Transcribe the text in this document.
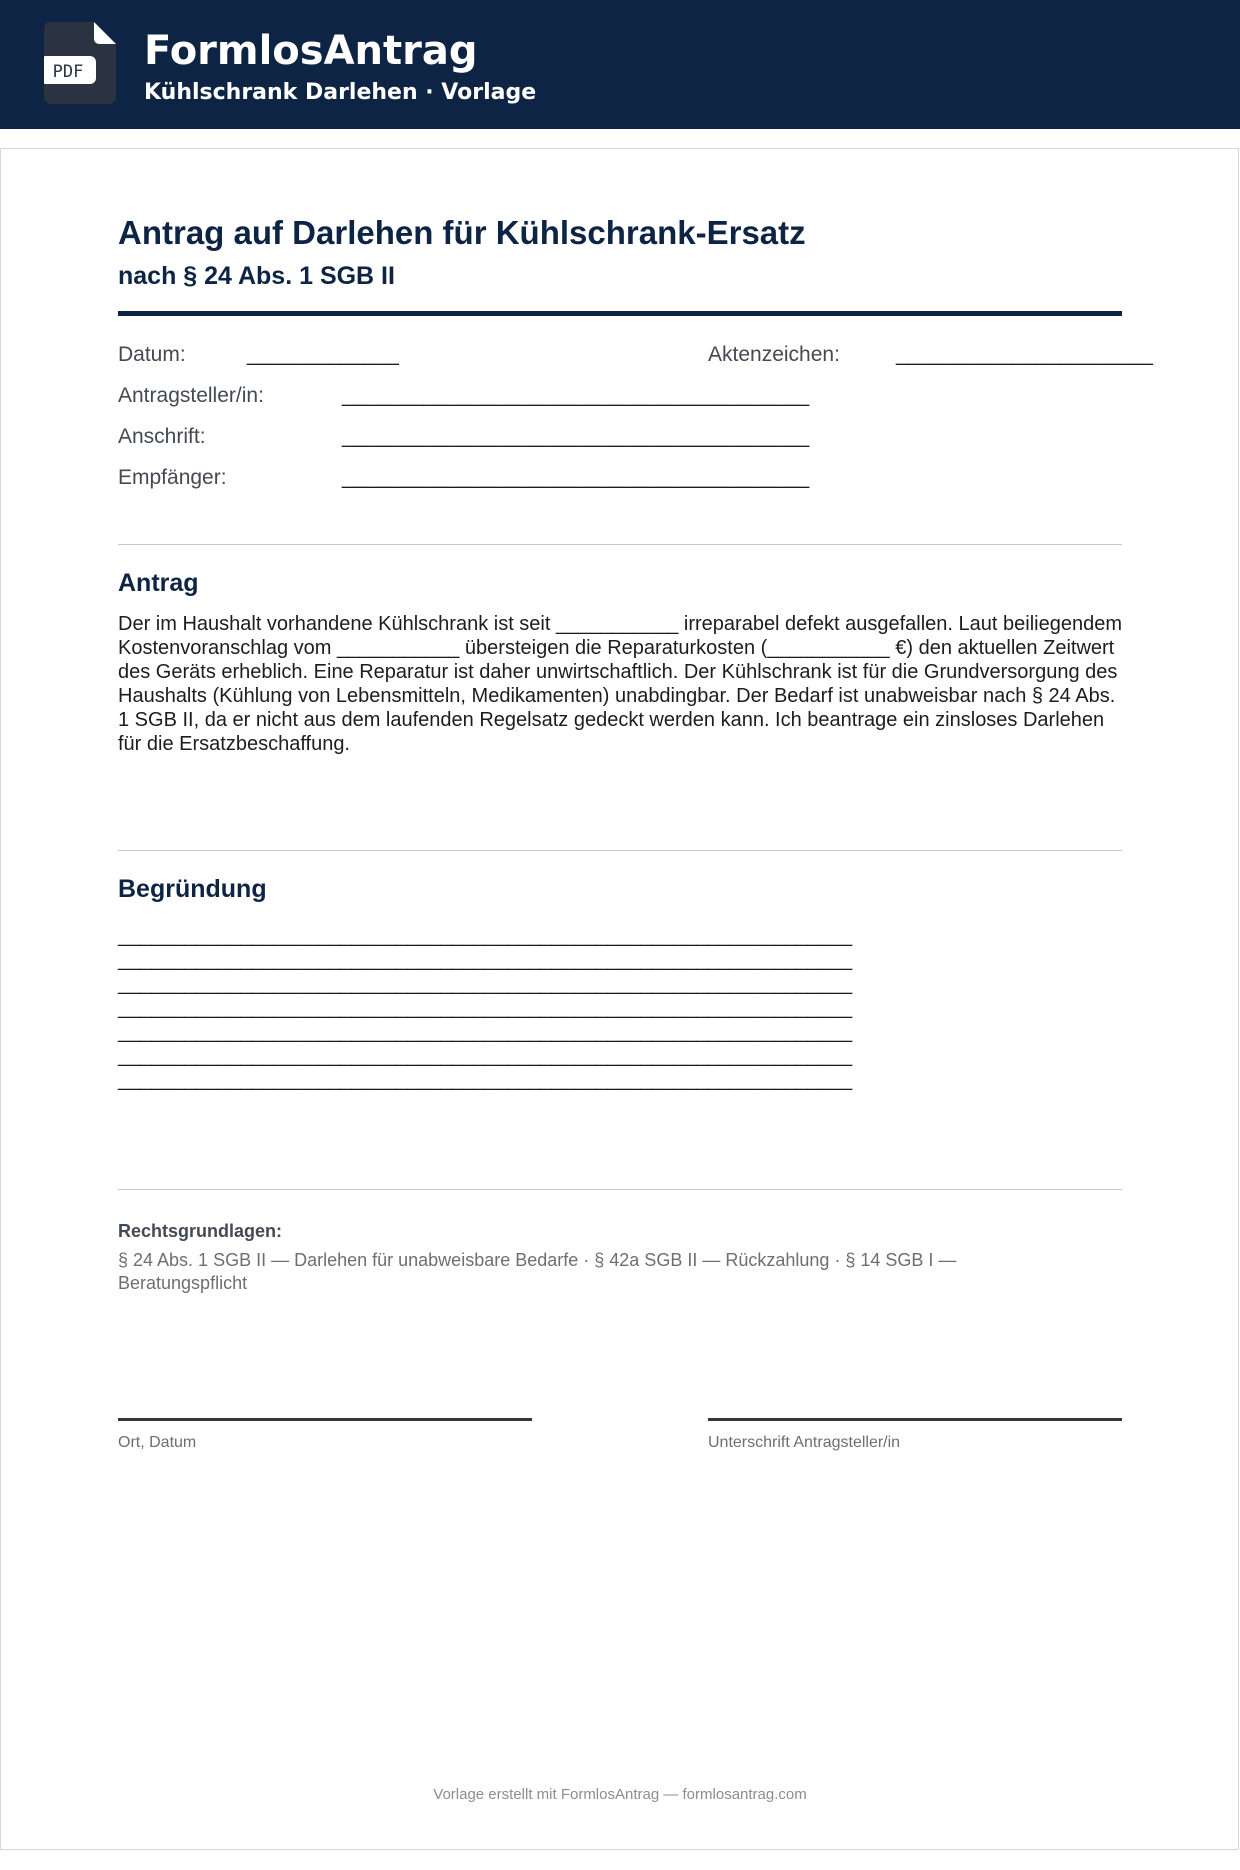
PDF FormlosAntrag
Kühlschrank Darlehen · Vorlage
Antrag auf Darlehen für Kühlschrank-Ersatz
nach § 24 Abs. 1 SGB II
Datum:	_____________	Aktenzeichen:	______________________
Antragsteller/in:	________________________________________
Anschrift:	________________________________________
Empfänger:	________________________________________
Antrag

Der im Haushalt vorhandene Kühlschrank ist seit ___________ irreparabel defekt ausgefallen. Laut beiliegendem Kostenvoranschlag vom ___________ übersteigen die Reparaturkosten (___________ €) den aktuellen Zeitwert des Geräts erheblich. Eine Reparatur ist daher unwirtschaftlich. Der Kühlschrank ist für die Grundversorgung des Haushalts (Kühlung von Lebensmitteln, Medikamenten) unabdingbar. Der Bedarf ist unabweisbar nach § 24 Abs. 1 SGB II, da er nicht aus dem laufenden Regelsatz gedeckt werden kann. Ich beantrage ein zinsloses Darlehen für die Ersatzbeschaffung.

Begründung
__________________________________________________________________
__________________________________________________________________
__________________________________________________________________
__________________________________________________________________
__________________________________________________________________
__________________________________________________________________
__________________________________________________________________
Rechtsgrundlagen:

§ 24 Abs. 1 SGB II — Darlehen für unabweisbare Bedarfe · § 42a SGB II — Rückzahlung · § 14 SGB I — Beratungspflicht

Ort, Datum	Unterschrift Antragsteller/in
Vorlage erstellt mit FormlosAntrag — formlosantrag.com
